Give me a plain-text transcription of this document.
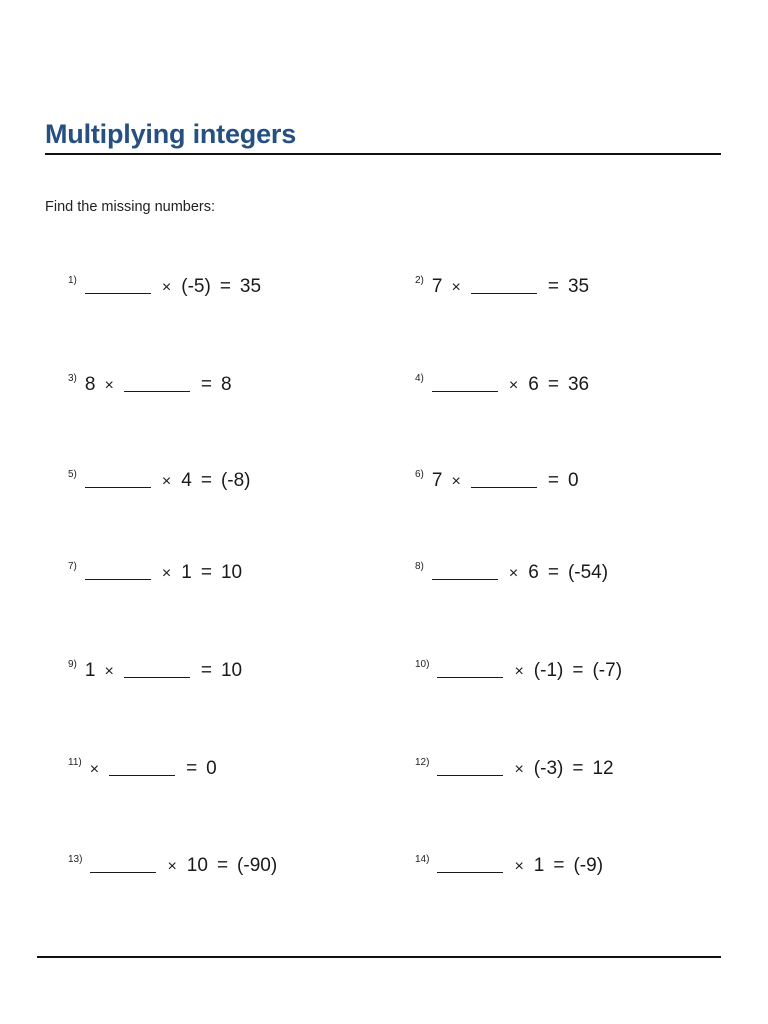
Multiplying integers
Find the missing numbers:
1)	× (-5) = 35	2) 7 ×	= 35
3) 8 ×	= 8	4)	× 6 = 36
5)	× 4 = (-8)	6) 7 ×	= 0
7)	× 1 = 10	8)	× 6 = (-54)
9) 1 ×	= 10	10)	× (-1) = (-7)
11) ×	= 0	12)	× (-3) = 12
13)	× 10 = (-90)	14)	× 1 = (-9)
